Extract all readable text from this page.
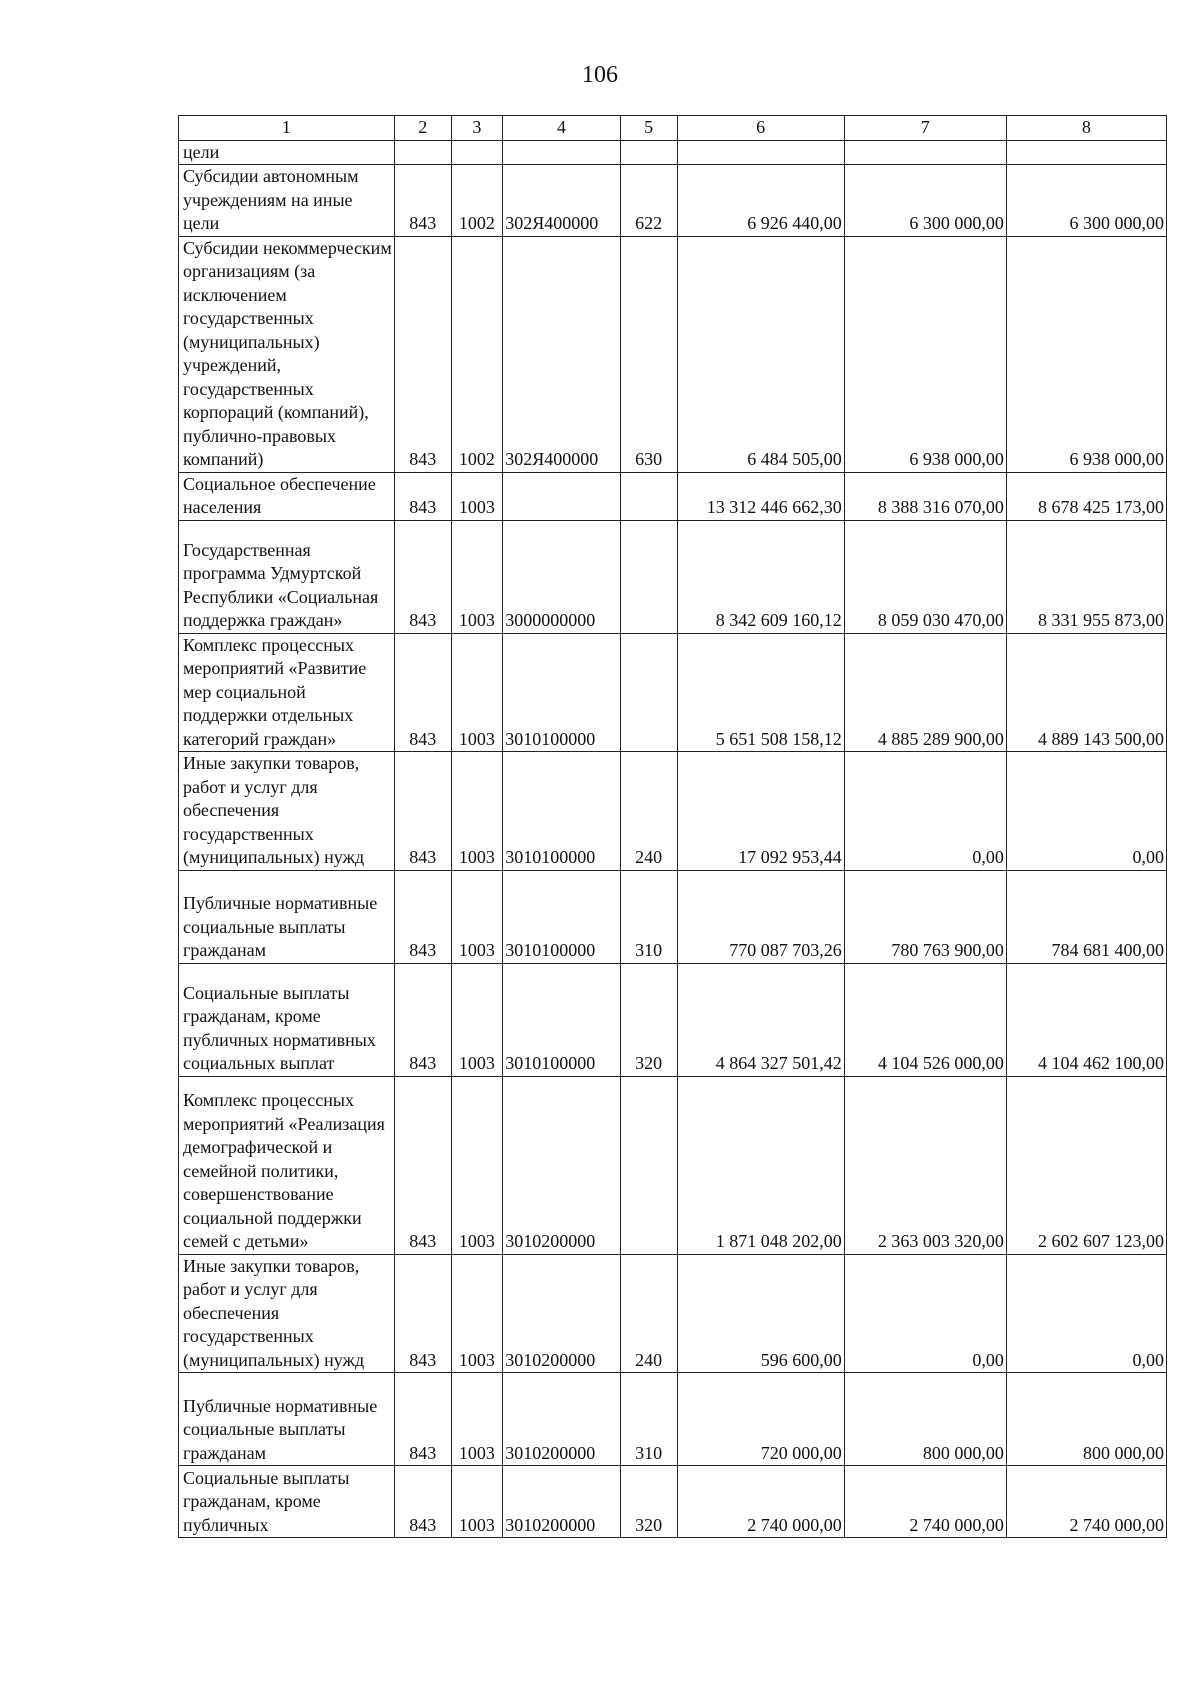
106
1	2	3	4	5	6	7	8
цели							
Субсидии автономным учреждениям на иные цели	843	1002	302Я400000	622	6 926 440,00	6 300 000,00	6 300 000,00
Субсидии некоммерческим организациям (за исключением государственных (муниципальных) учреждений, государственных корпораций (компаний), публично-правовых компаний)	843	1002	302Я400000	630	6 484 505,00	6 938 000,00	6 938 000,00
Социальное обеспечение населения	843	1003			13 312 446 662,30	8 388 316 070,00	8 678 425 173,00
Государственная программа Удмуртской Республики «Социальная поддержка граждан»	843	1003	3000000000		8 342 609 160,12	8 059 030 470,00	8 331 955 873,00
Комплекс процессных мероприятий «Развитие мер социальной поддержки отдельных категорий граждан»	843	1003	3010100000		5 651 508 158,12	4 885 289 900,00	4 889 143 500,00
Иные закупки товаров, работ и услуг для обеспечения государственных (муниципальных) нужд	843	1003	3010100000	240	17 092 953,44	0,00	0,00
Публичные нормативные социальные выплаты гражданам	843	1003	3010100000	310	770 087 703,26	780 763 900,00	784 681 400,00
Социальные выплаты гражданам, кроме публичных нормативных социальных выплат	843	1003	3010100000	320	4 864 327 501,42	4 104 526 000,00	4 104 462 100,00
Комплекс процессных мероприятий «Реализация демографической и семейной политики, совершенствование социальной поддержки семей с детьми»	843	1003	3010200000		1 871 048 202,00	2 363 003 320,00	2 602 607 123,00
Иные закупки товаров, работ и услуг для обеспечения государственных (муниципальных) нужд	843	1003	3010200000	240	596 600,00	0,00	0,00
Публичные нормативные социальные выплаты гражданам	843	1003	3010200000	310	720 000,00	800 000,00	800 000,00
Социальные выплаты гражданам, кроме публичных	843	1003	3010200000	320	2 740 000,00	2 740 000,00	2 740 000,00
